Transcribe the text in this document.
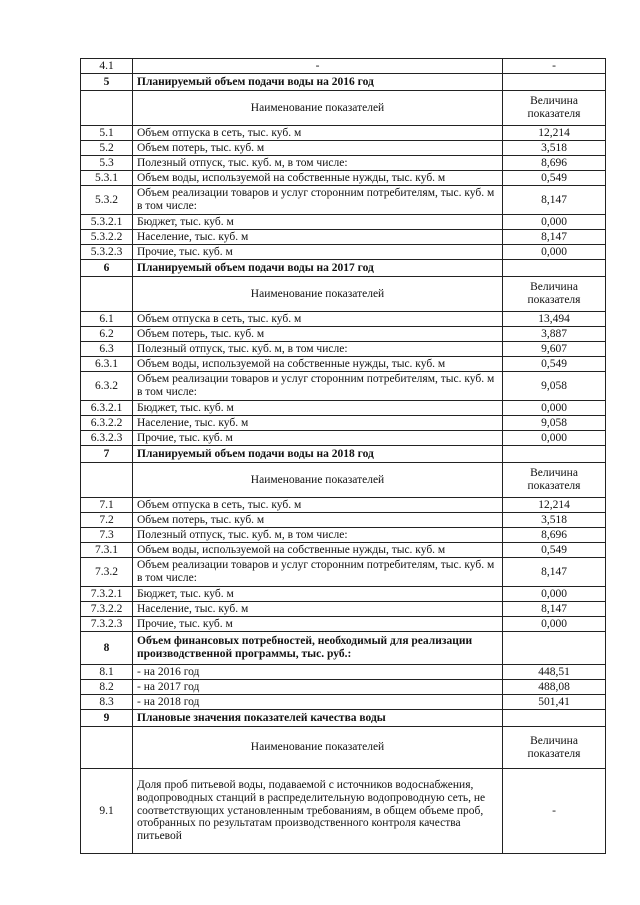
4.1	-	-
5	Планируемый объем подачи воды на 2016 год	
	Наименование показателей	Величина показателя
5.1	Объем отпуска в сеть, тыс. куб. м	12,214
5.2	Объем потерь, тыс. куб. м	3,518
5.3	Полезный отпуск, тыс. куб. м, в том числе:	8,696
5.3.1	Объем воды, используемой на собственные нужды, тыс. куб. м	0,549
5.3.2	Объем реализации товаров и услуг сторонним потребителям, тыс. куб. м в том числе:	8,147
5.3.2.1	Бюджет, тыс. куб. м	0,000
5.3.2.2	Население, тыс. куб. м	8,147
5.3.2.3	Прочие, тыс. куб. м	0,000
6	Планируемый объем подачи воды на 2017 год	
	Наименование показателей	Величина показателя
6.1	Объем отпуска в сеть, тыс. куб. м	13,494
6.2	Объем потерь, тыс. куб. м	3,887
6.3	Полезный отпуск, тыс. куб. м, в том числе:	9,607
6.3.1	Объем воды, используемой на собственные нужды, тыс. куб. м	0,549
6.3.2	Объем реализации товаров и услуг сторонним потребителям, тыс. куб. м в том числе:	9,058
6.3.2.1	Бюджет, тыс. куб. м	0,000
6.3.2.2	Население, тыс. куб. м	9,058
6.3.2.3	Прочие, тыс. куб. м	0,000
7	Планируемый объем подачи воды на 2018 год	
	Наименование показателей	Величина показателя
7.1	Объем отпуска в сеть, тыс. куб. м	12,214
7.2	Объем потерь, тыс. куб. м	3,518
7.3	Полезный отпуск, тыс. куб. м, в том числе:	8,696
7.3.1	Объем воды, используемой на собственные нужды, тыс. куб. м	0,549
7.3.2	Объем реализации товаров и услуг сторонним потребителям, тыс. куб. м в том числе:	8,147
7.3.2.1	Бюджет, тыс. куб. м	0,000
7.3.2.2	Население, тыс. куб. м	8,147
7.3.2.3	Прочие, тыс. куб. м	0,000
8	Объем финансовых потребностей, необходимый для реализации производственной программы, тыс. руб.:	
8.1	- на 2016 год	448,51
8.2	- на 2017 год	488,08
8.3	- на 2018 год	501,41
9	Плановые значения показателей качества воды	
	Наименование показателей	Величина показателя
9.1	Доля проб питьевой воды, подаваемой с источников водоснабжения, водопроводных станций в распределительную водопроводную сеть, не соответствующих установленным требованиям, в общем объеме проб, отобранных по результатам производственного контроля качества питьевой	-
